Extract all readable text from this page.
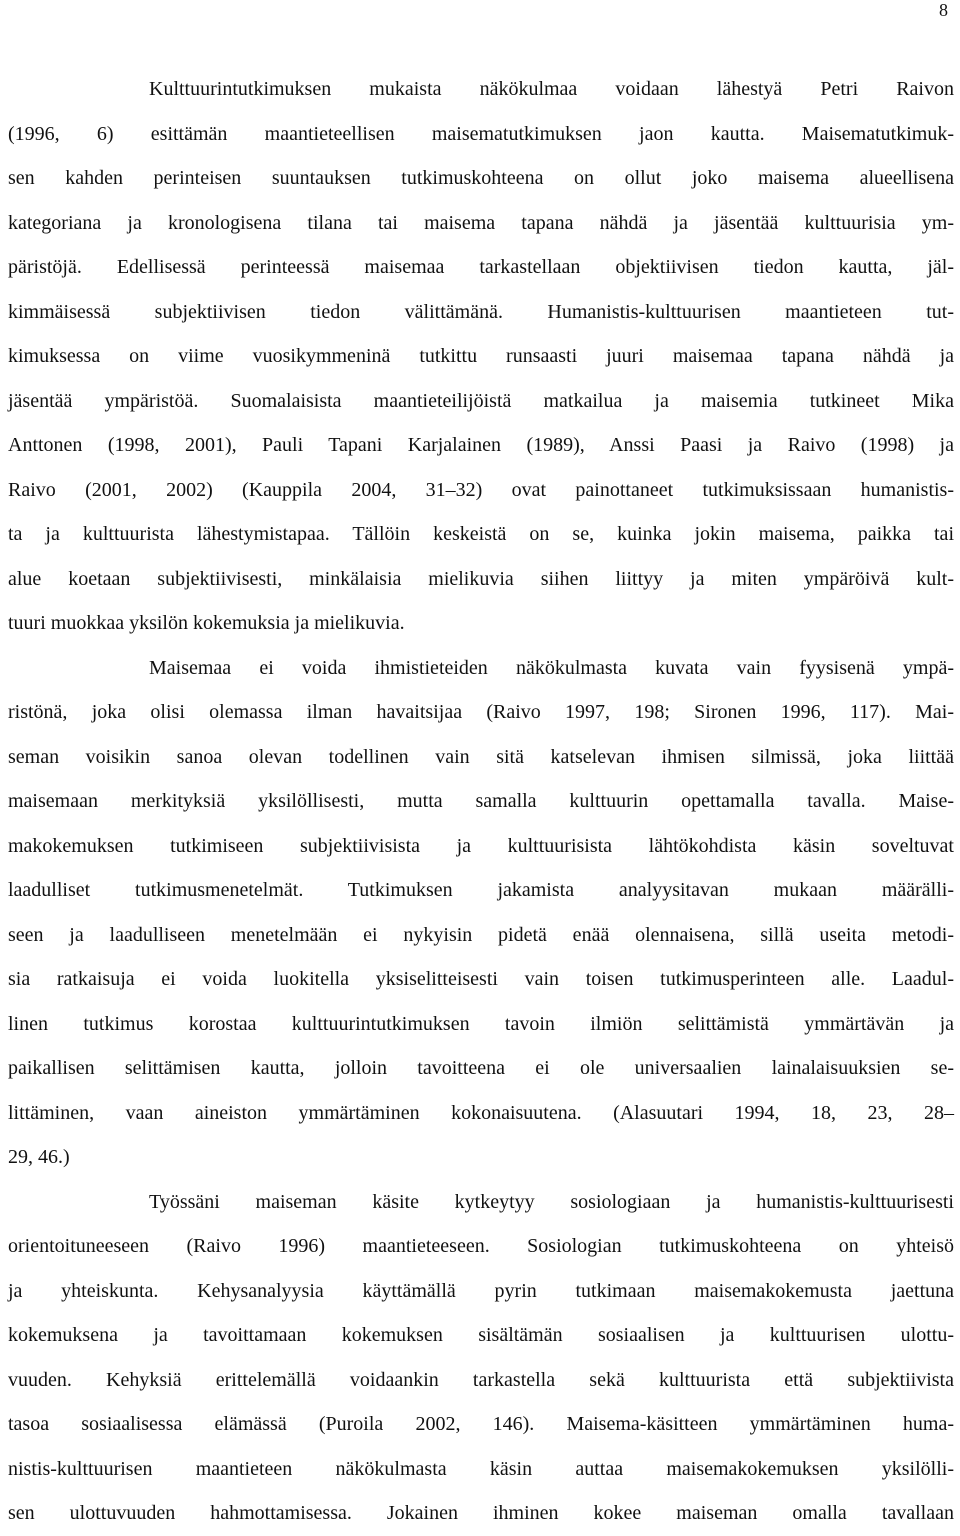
8
Kulttuurintutkimuksen mukaista näkökulmaa voidaan lähestyä Petri Raivon
(1996, 6) esittämän maantieteellisen maisematutkimuksen jaon kautta. Maisematutkimuk-
sen kahden perinteisen suuntauksen tutkimuskohteena on ollut joko maisema alueellisena
kategoriana ja kronologisena tilana tai maisema tapana nähdä ja jäsentää kulttuurisia ym-
päristöjä. Edellisessä perinteessä maisemaa tarkastellaan objektiivisen tiedon kautta, jäl-
kimmäisessä subjektiivisen tiedon välittämänä. Humanistis-kulttuurisen maantieteen tut-
kimuksessa on viime vuosikymmeninä tutkittu runsaasti juuri maisemaa tapana nähdä ja
jäsentää ympäristöä. Suomalaisista maantieteilijöistä matkailua ja maisemia tutkineet Mika
Anttonen (1998, 2001), Pauli Tapani Karjalainen (1989), Anssi Paasi ja Raivo (1998) ja
Raivo (2001, 2002) (Kauppila 2004, 31–32) ovat painottaneet tutkimuksissaan humanistis-
ta ja kulttuurista lähestymistapaa. Tällöin keskeistä on se, kuinka jokin maisema, paikka tai
alue koetaan subjektiivisesti, minkälaisia mielikuvia siihen liittyy ja miten ympäröivä kult-
tuuri muokkaa yksilön kokemuksia ja mielikuvia.
Maisemaa ei voida ihmistieteiden näkökulmasta kuvata vain fyysisenä ympä-
ristönä, joka olisi olemassa ilman havaitsijaa (Raivo 1997, 198; Sironen 1996, 117). Mai-
seman voisikin sanoa olevan todellinen vain sitä katselevan ihmisen silmissä, joka liittää
maisemaan merkityksiä yksilöllisesti, mutta samalla kulttuurin opettamalla tavalla. Maise-
makokemuksen tutkimiseen subjektiivisista ja kulttuurisista lähtökohdista käsin soveltuvat
laadulliset tutkimusmenetelmät. Tutkimuksen jakamista analyysitavan mukaan määrälli-
seen ja laadulliseen menetelmään ei nykyisin pidetä enää olennaisena, sillä useita metodi-
sia ratkaisuja ei voida luokitella yksiselitteisesti vain toisen tutkimusperinteen alle. Laadul-
linen tutkimus korostaa kulttuurintutkimuksen tavoin ilmiön selittämistä ymmärtävän ja
paikallisen selittämisen kautta, jolloin tavoitteena ei ole universaalien lainalaisuuksien se-
littäminen, vaan aineiston ymmärtäminen kokonaisuutena. (Alasuutari 1994, 18, 23, 28–
29, 46.)
Työssäni maiseman käsite kytkeytyy sosiologiaan ja humanistis-kulttuurisesti
orientoituneeseen (Raivo 1996) maantieteeseen. Sosiologian tutkimuskohteena on yhteisö
ja yhteiskunta. Kehysanalyysia käyttämällä pyrin tutkimaan maisemakokemusta jaettuna
kokemuksena ja tavoittamaan kokemuksen sisältämän sosiaalisen ja kulttuurisen ulottu-
vuuden. Kehyksiä erittelemällä voidaankin tarkastella sekä kulttuurista että subjektiivista
tasoa sosiaalisessa elämässä (Puroila 2002, 146). Maisema-käsitteen ymmärtäminen huma-
nistis-kulttuurisen maantieteen näkökulmasta käsin auttaa maisemakokemuksen yksilölli-
sen ulottuvuuden hahmottamisessa. Jokainen ihminen kokee maiseman omalla tavallaan
